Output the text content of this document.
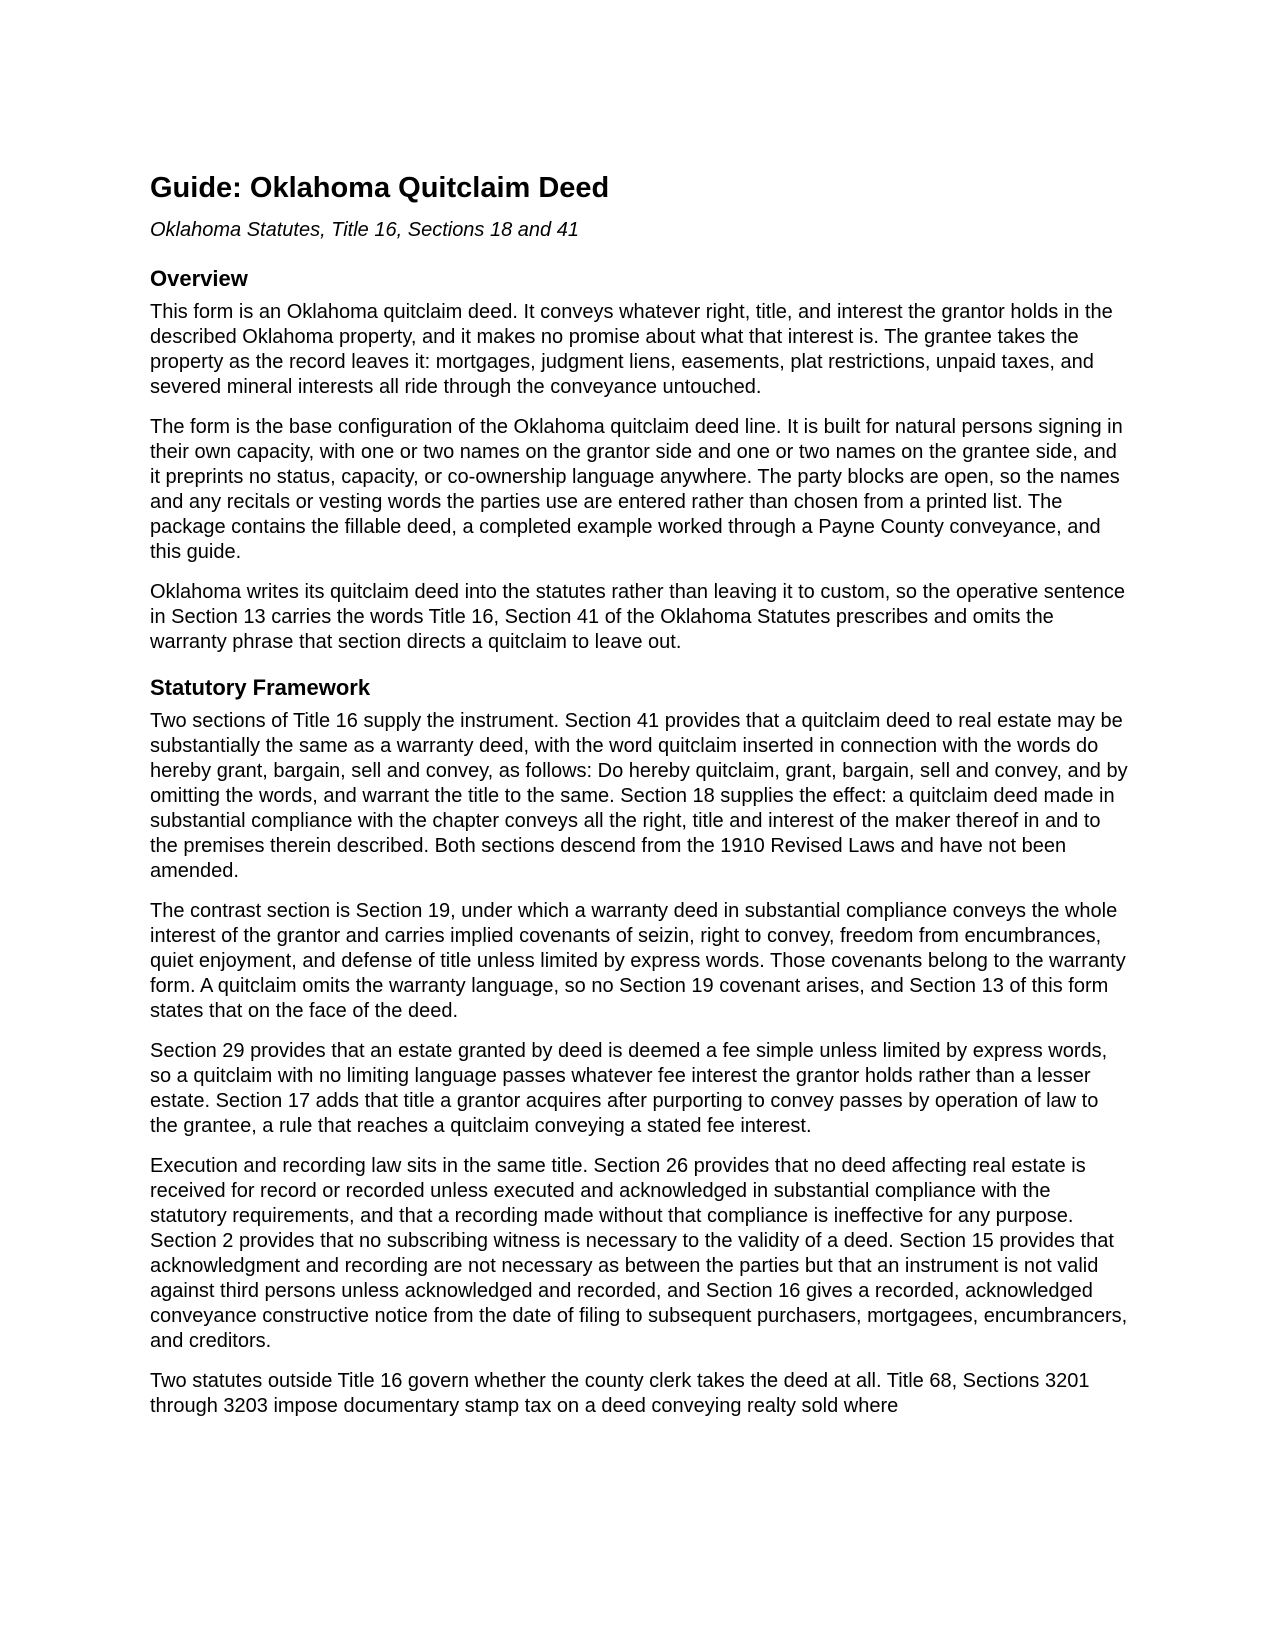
Guide: Oklahoma Quitclaim Deed
Oklahoma Statutes, Title 16, Sections 18 and 41
Overview

This form is an Oklahoma quitclaim deed. It conveys whatever right, title, and interest the grantor holds in the described Oklahoma property, and it makes no promise about what that interest is. The grantee takes the property as the record leaves it: mortgages, judgment liens, easements, plat restrictions, unpaid taxes, and severed mineral interests all ride through the conveyance untouched.

The form is the base configuration of the Oklahoma quitclaim deed line. It is built for natural persons signing in their own capacity, with one or two names on the grantor side and one or two names on the grantee side, and it preprints no status, capacity, or co-ownership language anywhere. The party blocks are open, so the names and any recitals or vesting words the parties use are entered rather than chosen from a printed list. The package contains the fillable deed, a completed example worked through a Payne County conveyance, and this guide.

Oklahoma writes its quitclaim deed into the statutes rather than leaving it to custom, so the operative sentence in Section 13 carries the words Title 16, Section 41 of the Oklahoma Statutes prescribes and omits the warranty phrase that section directs a quitclaim to leave out.

Statutory Framework

Two sections of Title 16 supply the instrument. Section 41 provides that a quitclaim deed to real estate may be substantially the same as a warranty deed, with the word quitclaim inserted in connection with the words do hereby grant, bargain, sell and convey, as follows: Do hereby quitclaim, grant, bargain, sell and convey, and by omitting the words, and warrant the title to the same. Section 18 supplies the effect: a quitclaim deed made in substantial compliance with the chapter conveys all the right, title and interest of the maker thereof in and to the premises therein described. Both sections descend from the 1910 Revised Laws and have not been amended.

The contrast section is Section 19, under which a warranty deed in substantial compliance conveys the whole interest of the grantor and carries implied covenants of seizin, right to convey, freedom from encumbrances, quiet enjoyment, and defense of title unless limited by express words. Those covenants belong to the warranty form. A quitclaim omits the warranty language, so no Section 19 covenant arises, and Section 13 of this form states that on the face of the deed.

Section 29 provides that an estate granted by deed is deemed a fee simple unless limited by express words, so a quitclaim with no limiting language passes whatever fee interest the grantor holds rather than a lesser estate. Section 17 adds that title a grantor acquires after purporting to convey passes by operation of law to the grantee, a rule that reaches a quitclaim conveying a stated fee interest.

Execution and recording law sits in the same title. Section 26 provides that no deed affecting real estate is received for record or recorded unless executed and acknowledged in substantial compliance with the statutory requirements, and that a recording made without that compliance is ineffective for any purpose. Section 2 provides that no subscribing witness is necessary to the validity of a deed. Section 15 provides that acknowledgment and recording are not necessary as between the parties but that an instrument is not valid against third persons unless acknowledged and recorded, and Section 16 gives a recorded, acknowledged conveyance constructive notice from the date of filing to subsequent purchasers, mortgagees, encumbrancers, and creditors.

Two statutes outside Title 16 govern whether the county clerk takes the deed at all. Title 68, Sections 3201 through 3203 impose documentary stamp tax on a deed conveying realty sold where
